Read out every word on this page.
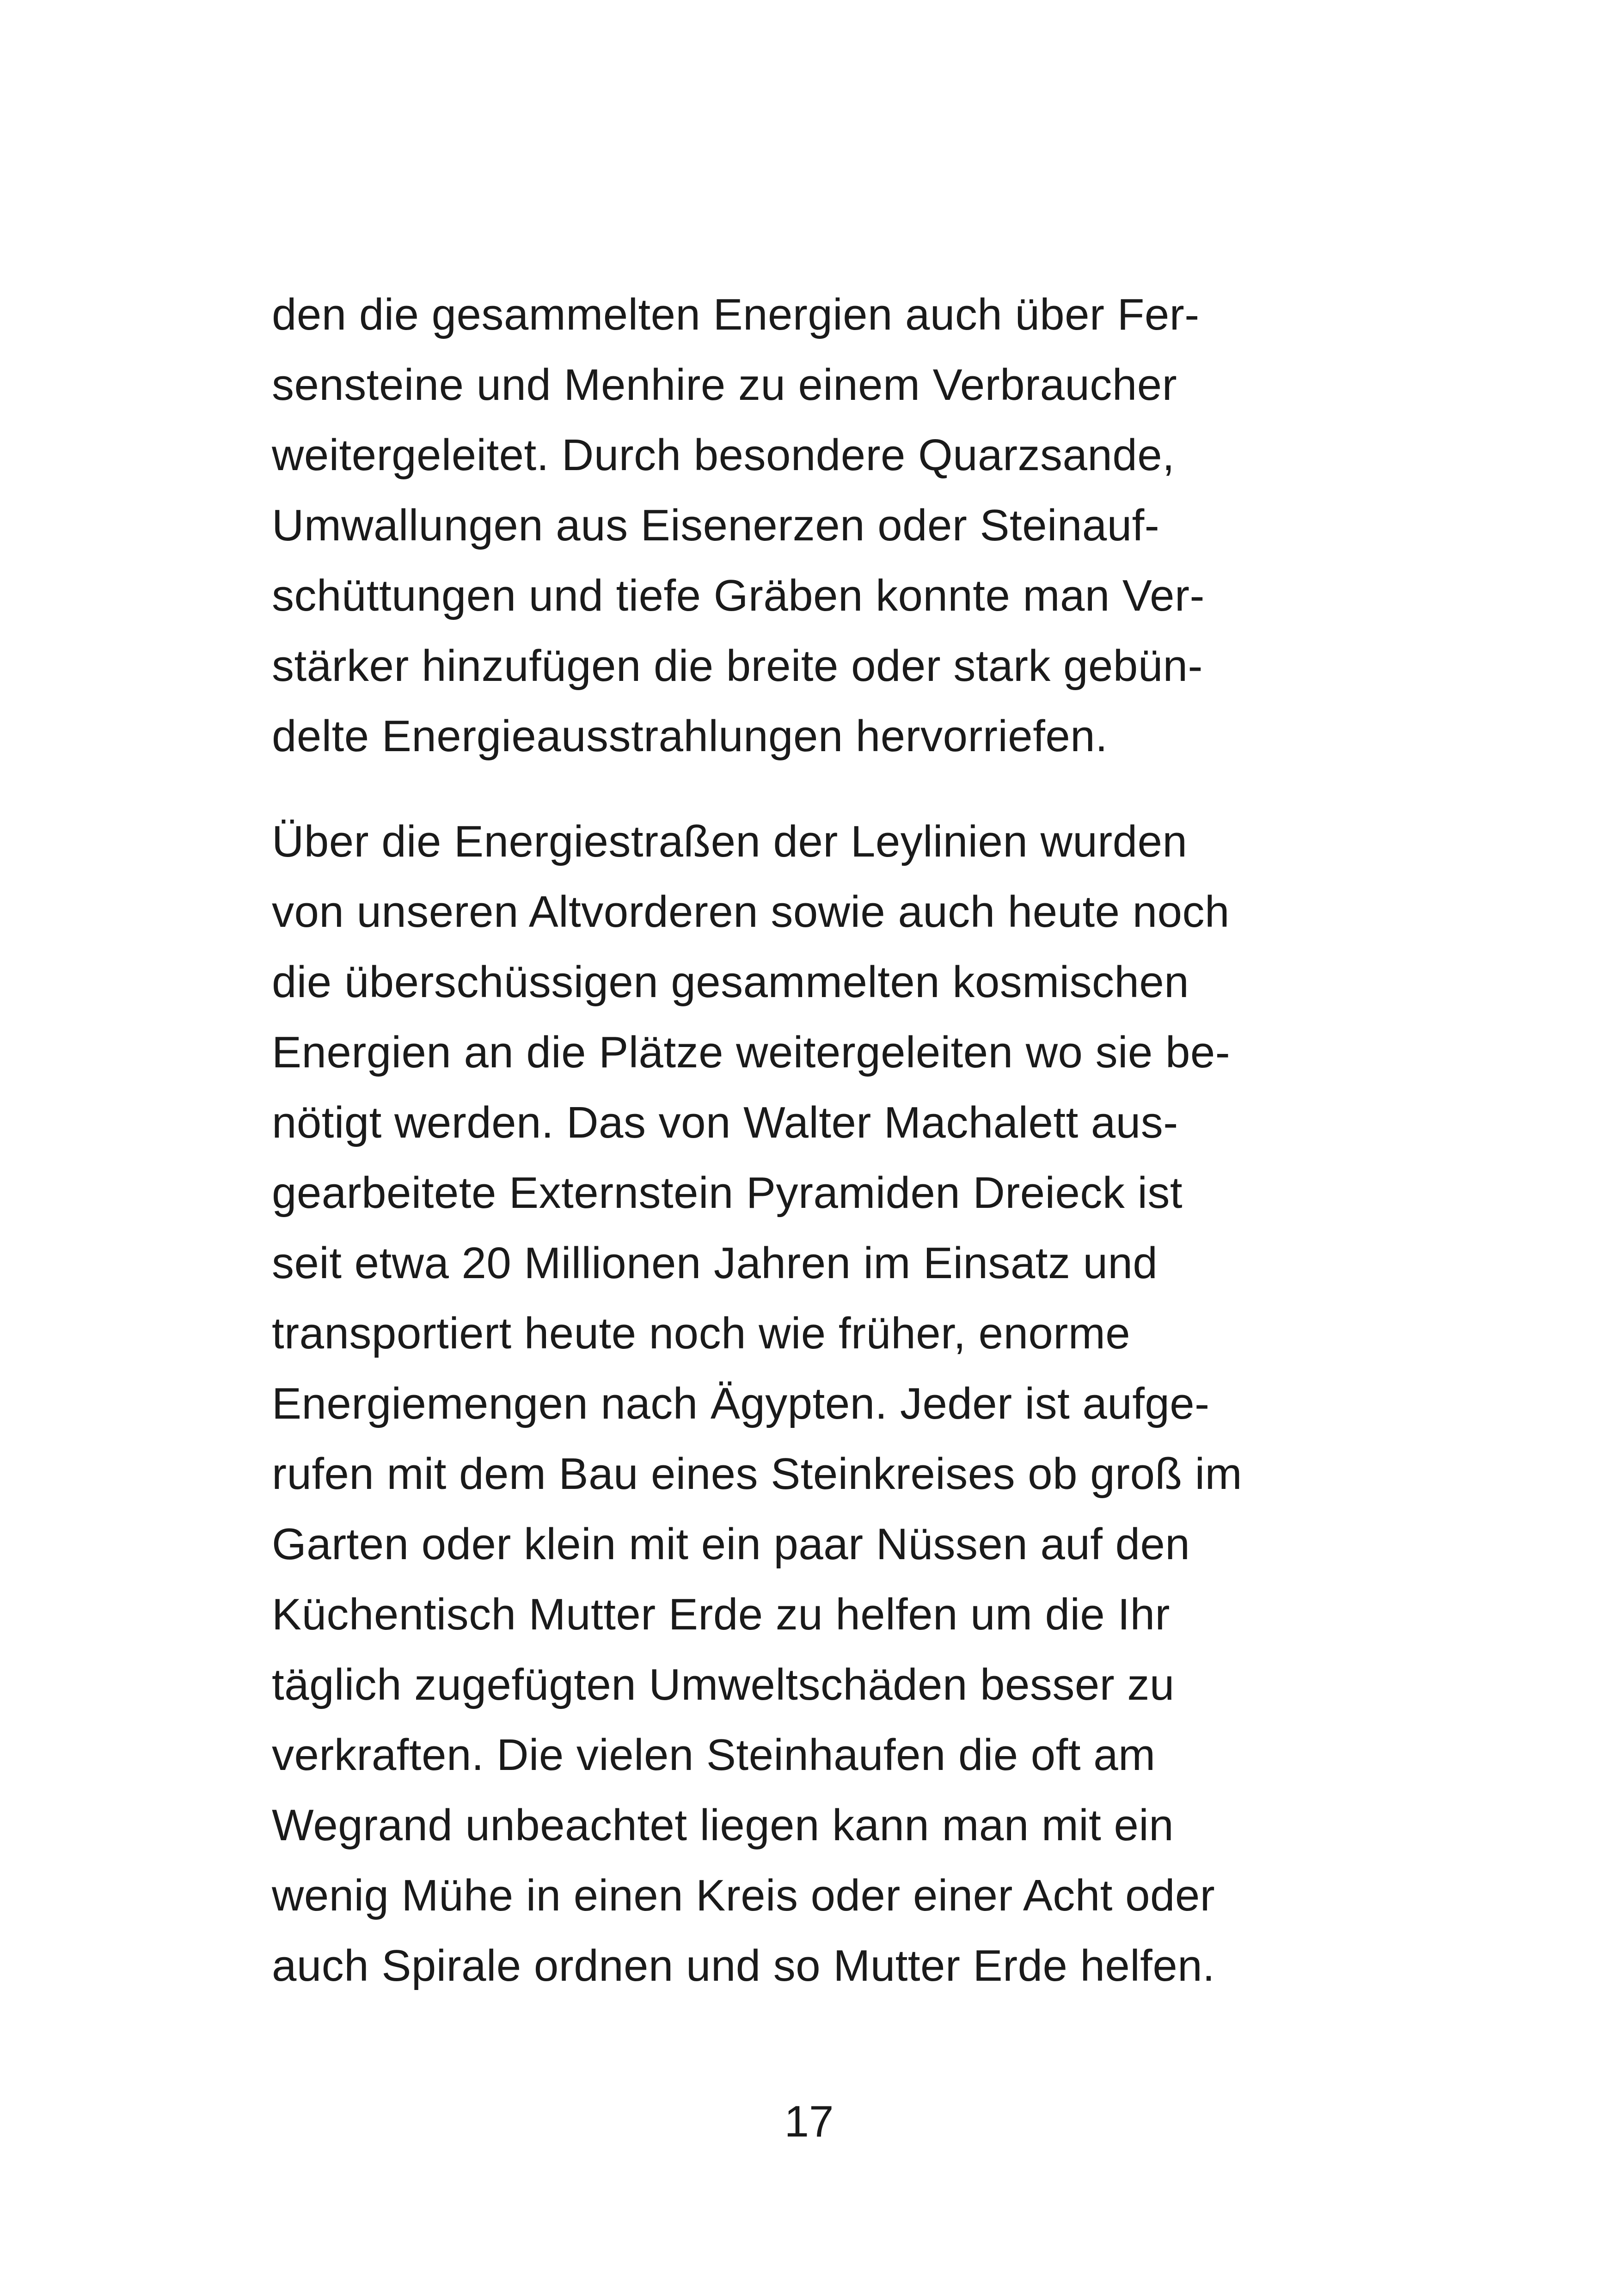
den die gesammelten Energien auch über Fer-
sensteine und Menhire zu einem Verbraucher
weitergeleitet. Durch besondere Quarzsande,
Umwallungen aus Eisenerzen oder Steinauf-
schüttungen und tiefe Gräben konnte man Ver-
stärker hinzufügen die breite oder stark gebün-
delte Energieausstrahlungen hervorriefen.
Über die Energiestraßen der Leylinien wurden
von unseren Altvorderen sowie auch heute noch
die überschüssigen gesammelten kosmischen
Energien an die Plätze weitergeleiten wo sie be-
nötigt werden. Das von Walter Machalett aus-
gearbeitete Externstein Pyramiden Dreieck ist
seit etwa 20 Millionen Jahren im Einsatz und
transportiert heute noch wie früher, enorme
Energiemengen nach Ägypten. Jeder ist aufge-
rufen mit dem Bau eines Steinkreises ob groß im
Garten oder klein mit ein paar Nüssen auf den
Küchentisch Mutter Erde zu helfen um die Ihr
täglich zugefügten Umweltschäden besser zu
verkraften. Die vielen Steinhaufen die oft am
Wegrand unbeachtet liegen kann man mit ein
wenig Mühe in einen Kreis oder einer Acht oder
auch Spirale ordnen und so Mutter Erde helfen.
17
